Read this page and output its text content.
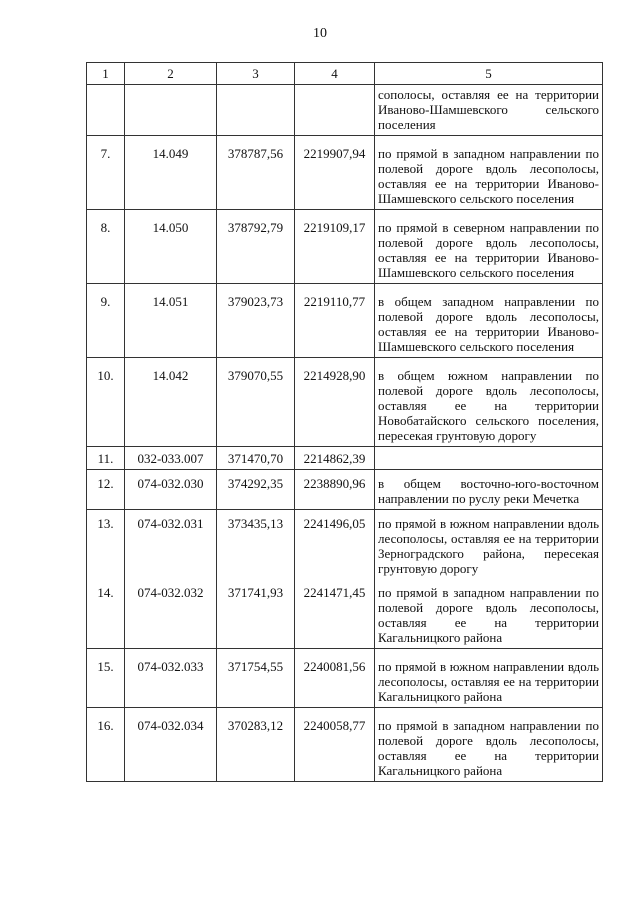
10
1	2	3	4	5
				сополосы, оставляя ее на территории Иваново-Шамшевского сельского поселения
7.	14.049	378787,56	2219907,94	по прямой в западном направлении по полевой дороге вдоль лесополосы, оставляя ее на территории Иваново-Шамшевского сельского поселения
8.	14.050	378792,79	2219109,17	по прямой в северном направлении по полевой дороге вдоль лесополосы, оставляя ее на территории Иваново-Шамшевского сельского поселения
9.	14.051	379023,73	2219110,77	в общем западном направлении по полевой дороге вдоль лесополосы, оставляя ее на территории Иваново-Шамшевского сельского поселения
10.	14.042	379070,55	2214928,90	в общем южном направлении по полевой дороге вдоль лесополосы, оставляя ее на территории Новобатайского сельского поселения, пересекая грунтовую дорогу
11.	032-033.007	371470,70	2214862,39	
12.	074-032.030	374292,35	2238890,96	в общем восточно-юго-восточном направлении по руслу реки Мечетка
13.	074-032.031	373435,13	2241496,05	по прямой в южном направлении вдоль лесополосы, оставляя ее на территории Зерноградского района, пересекая грунтовую дорогу
14.	074-032.032	371741,93	2241471,45	по прямой в западном направлении по полевой дороге вдоль лесополосы, оставляя ее на территории Кагальницкого района
15.	074-032.033	371754,55	2240081,56	по прямой в южном направлении вдоль лесополосы, оставляя ее на территории Кагальницкого района
16.	074-032.034	370283,12	2240058,77	по прямой в западном направлении по полевой дороге вдоль лесополосы, оставляя ее на территории Кагальницкого района
